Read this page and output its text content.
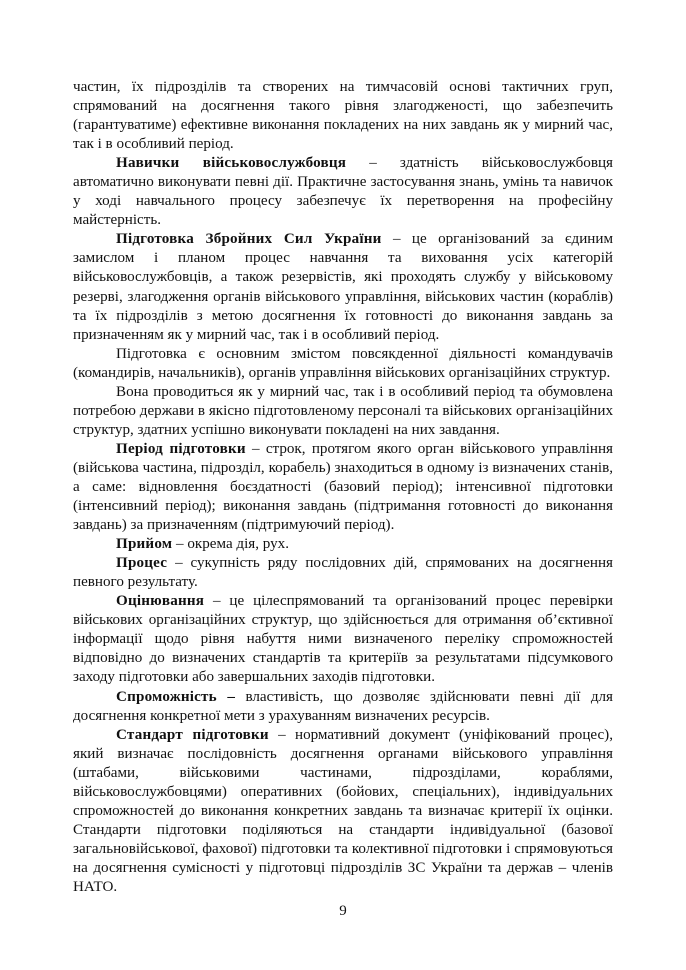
частин, їх підрозділів та створених на тимчасовій основі тактичних груп, спрямований на досягнення такого рівня злагодженості, що забезпечить (гарантуватиме) ефективне виконання покладених на них завдань як у мирний час, так і в особливий період.

Навички військовослужбовця – здатність військовослужбовця автоматично виконувати певні дії. Практичне застосування знань, умінь та навичок у ході навчального процесу забезпечує їх перетворення на професійну майстерність.

Підготовка Збройних Сил України – це організований за єдиним замислом і планом процес навчання та виховання усіх категорій військовослужбовців, а також резервістів, які проходять службу у військовому резерві, злагодження органів військового управління, військових частин (кораблів) та їх підрозділів з метою досягнення їх готовності до виконання завдань за призначенням як у мирний час, так і в особливий період.

Підготовка є основним змістом повсякденної діяльності командувачів (командирів, начальників), органів управління військових організаційних структур.

Вона проводиться як у мирний час, так і в особливий період та обумовлена потребою держави в якісно підготовленому персоналі та військових організаційних структур, здатних успішно виконувати покладені на них завдання.

Період підготовки – строк, протягом якого орган військового управління (військова частина, підрозділ, корабель) знаходиться в одному із визначених станів, а саме: відновлення боєздатності (базовий період); інтенсивної підготовки (інтенсивний період); виконання завдань (підтримання готовності до виконання завдань) за призначенням (підтримуючий період).

Прийом – окрема дія, рух.

Процес – сукупність ряду послідовних дій, спрямованих на досягнення певного результату.

Оцінювання – це цілеспрямований та організований процес перевірки військових організаційних структур, що здійснюється для отримання об’єктивної інформації щодо рівня набуття ними визначеного переліку спроможностей відповідно до визначених стандартів та критеріїв за результатами підсумкового заходу підготовки або завершальних заходів підготовки.

Спроможність – властивість, що дозволяє здійснювати певні дії для досягнення конкретної мети з урахуванням визначених ресурсів.

Стандарт підготовки – нормативний документ (уніфікований процес), який визначає послідовність досягнення органами військового управління (штабами, військовими частинами, підрозділами, кораблями, військовослужбовцями) оперативних (бойових, спеціальних), індивідуальних спроможностей до виконання конкретних завдань та визначає критерії їх оцінки. Стандарти підготовки поділяються на стандарти індивідуальної (базової загальновійськової, фахової) підготовки та колективної підготовки і спрямовуються на досягнення сумісності у підготовці підрозділів ЗС України та держав – членів НАТО.

9
